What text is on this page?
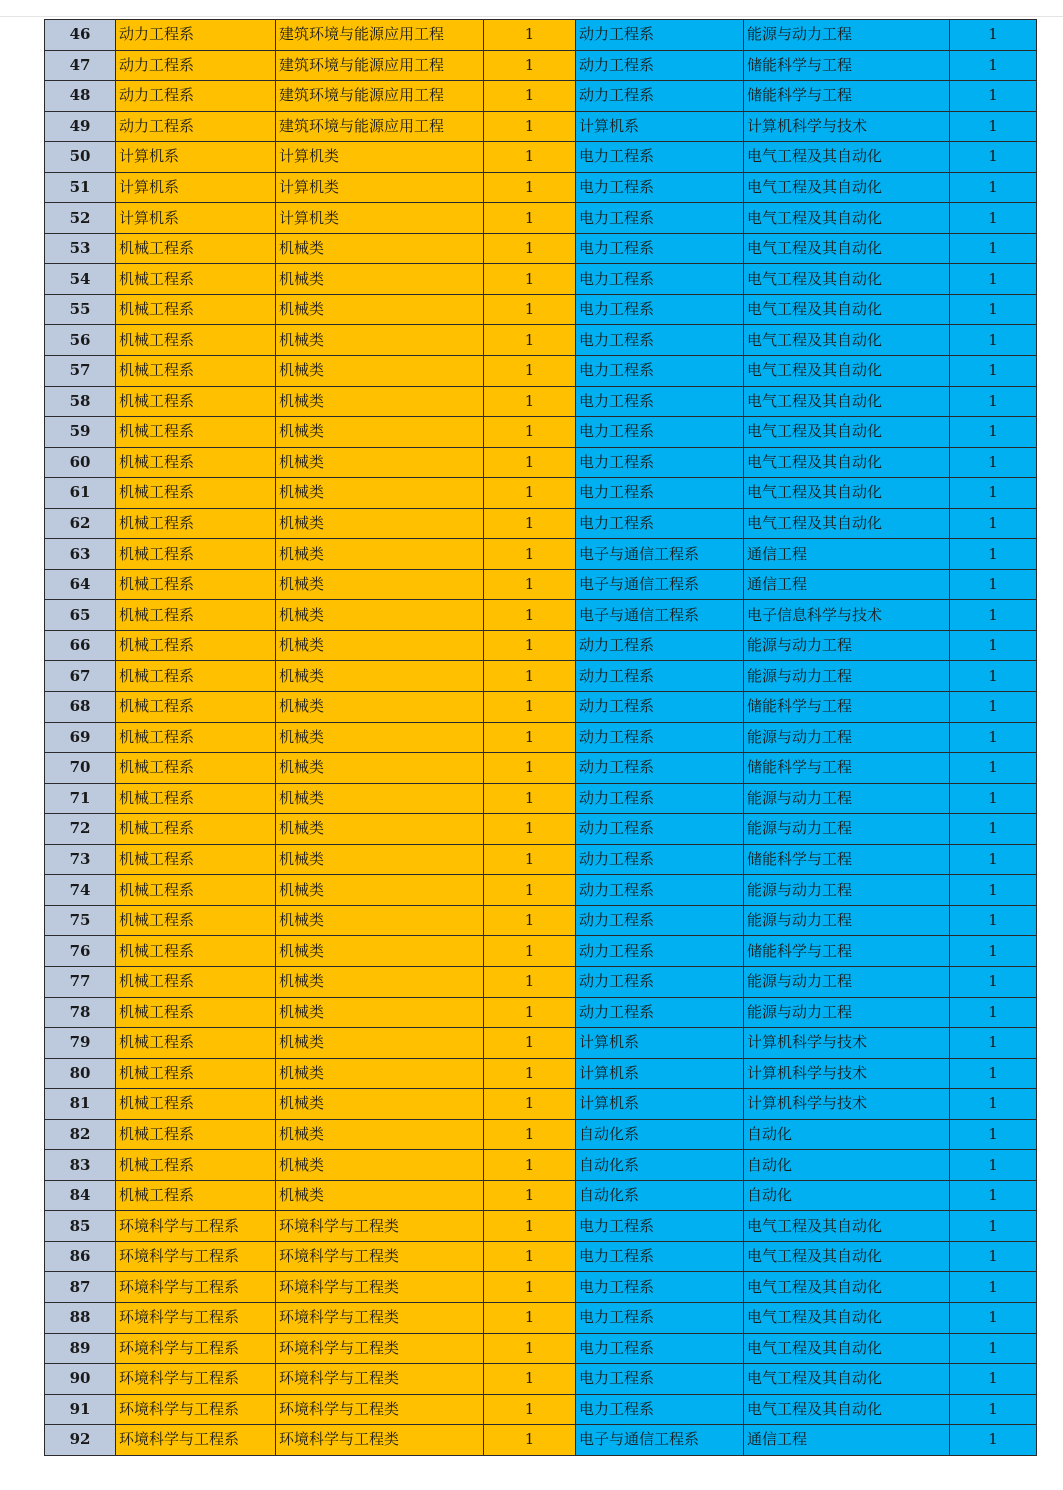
46	动力工程系	建筑环境与能源应用工程	1	动力工程系	能源与动力工程	1
47	动力工程系	建筑环境与能源应用工程	1	动力工程系	储能科学与工程	1
48	动力工程系	建筑环境与能源应用工程	1	动力工程系	储能科学与工程	1
49	动力工程系	建筑环境与能源应用工程	1	计算机系	计算机科学与技术	1
50	计算机系	计算机类	1	电力工程系	电气工程及其自动化	1
51	计算机系	计算机类	1	电力工程系	电气工程及其自动化	1
52	计算机系	计算机类	1	电力工程系	电气工程及其自动化	1
53	机械工程系	机械类	1	电力工程系	电气工程及其自动化	1
54	机械工程系	机械类	1	电力工程系	电气工程及其自动化	1
55	机械工程系	机械类	1	电力工程系	电气工程及其自动化	1
56	机械工程系	机械类	1	电力工程系	电气工程及其自动化	1
57	机械工程系	机械类	1	电力工程系	电气工程及其自动化	1
58	机械工程系	机械类	1	电力工程系	电气工程及其自动化	1
59	机械工程系	机械类	1	电力工程系	电气工程及其自动化	1
60	机械工程系	机械类	1	电力工程系	电气工程及其自动化	1
61	机械工程系	机械类	1	电力工程系	电气工程及其自动化	1
62	机械工程系	机械类	1	电力工程系	电气工程及其自动化	1
63	机械工程系	机械类	1	电子与通信工程系	通信工程	1
64	机械工程系	机械类	1	电子与通信工程系	通信工程	1
65	机械工程系	机械类	1	电子与通信工程系	电子信息科学与技术	1
66	机械工程系	机械类	1	动力工程系	能源与动力工程	1
67	机械工程系	机械类	1	动力工程系	能源与动力工程	1
68	机械工程系	机械类	1	动力工程系	储能科学与工程	1
69	机械工程系	机械类	1	动力工程系	能源与动力工程	1
70	机械工程系	机械类	1	动力工程系	储能科学与工程	1
71	机械工程系	机械类	1	动力工程系	能源与动力工程	1
72	机械工程系	机械类	1	动力工程系	能源与动力工程	1
73	机械工程系	机械类	1	动力工程系	储能科学与工程	1
74	机械工程系	机械类	1	动力工程系	能源与动力工程	1
75	机械工程系	机械类	1	动力工程系	能源与动力工程	1
76	机械工程系	机械类	1	动力工程系	储能科学与工程	1
77	机械工程系	机械类	1	动力工程系	能源与动力工程	1
78	机械工程系	机械类	1	动力工程系	能源与动力工程	1
79	机械工程系	机械类	1	计算机系	计算机科学与技术	1
80	机械工程系	机械类	1	计算机系	计算机科学与技术	1
81	机械工程系	机械类	1	计算机系	计算机科学与技术	1
82	机械工程系	机械类	1	自动化系	自动化	1
83	机械工程系	机械类	1	自动化系	自动化	1
84	机械工程系	机械类	1	自动化系	自动化	1
85	环境科学与工程系	环境科学与工程类	1	电力工程系	电气工程及其自动化	1
86	环境科学与工程系	环境科学与工程类	1	电力工程系	电气工程及其自动化	1
87	环境科学与工程系	环境科学与工程类	1	电力工程系	电气工程及其自动化	1
88	环境科学与工程系	环境科学与工程类	1	电力工程系	电气工程及其自动化	1
89	环境科学与工程系	环境科学与工程类	1	电力工程系	电气工程及其自动化	1
90	环境科学与工程系	环境科学与工程类	1	电力工程系	电气工程及其自动化	1
91	环境科学与工程系	环境科学与工程类	1	电力工程系	电气工程及其自动化	1
92	环境科学与工程系	环境科学与工程类	1	电子与通信工程系	通信工程	1
